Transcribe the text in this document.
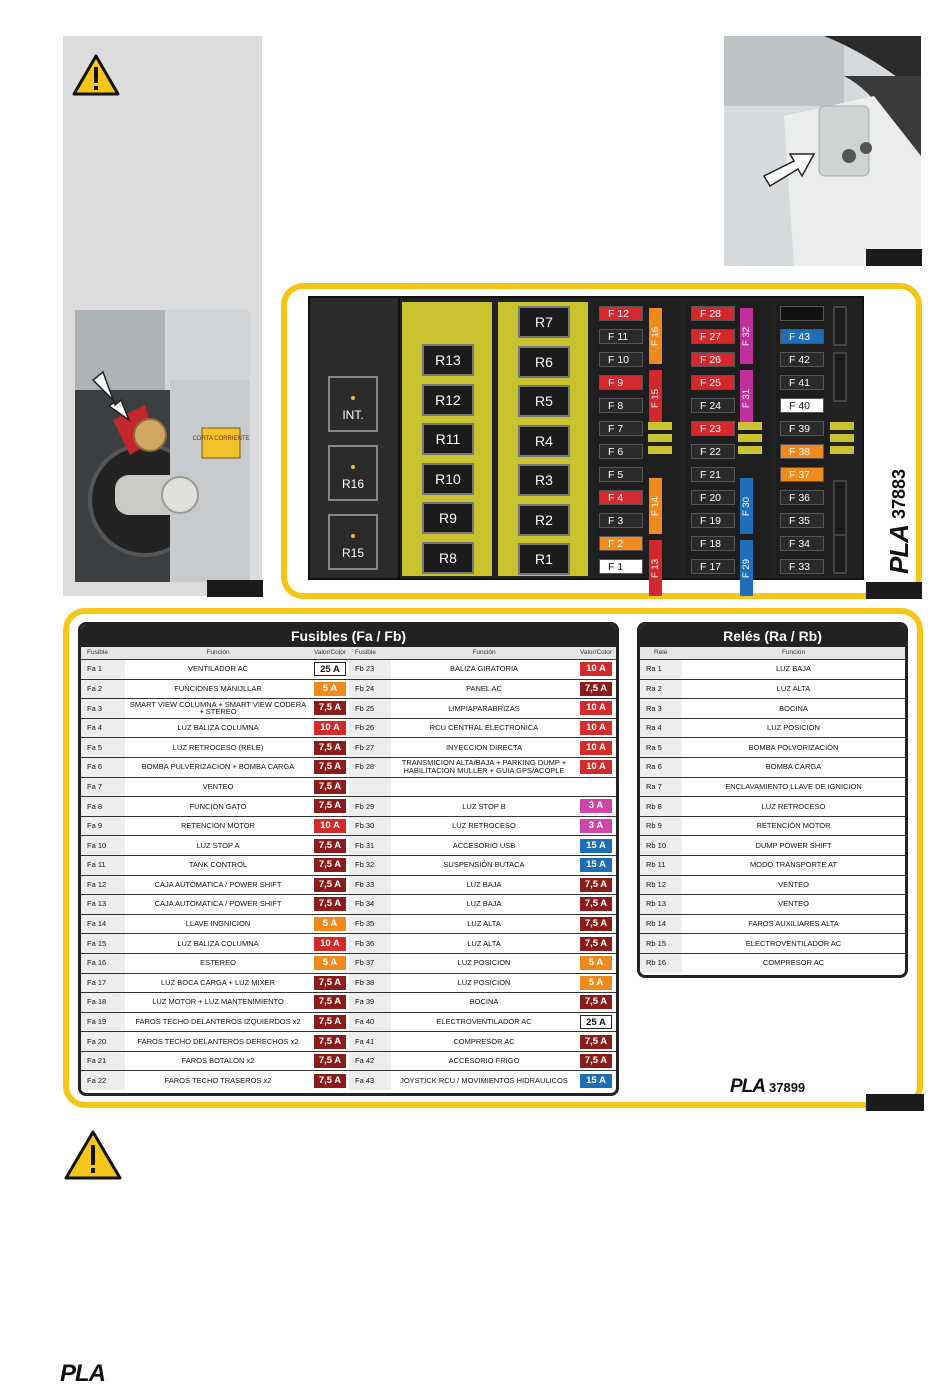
CORTA CORRIENTE
INT.
R16
R15
R13
R12
R11
R10
R9
R8
R7
R6
R5
R4
R3
R2
R1
F 12
F 11
F 10
F 9
F 8
F 7
F 6
F 5
F 4
F 3
F 2
F 1
F 28
F 27
F 26
F 25
F 24
F 23
F 22
F 21
F 20
F 19
F 18
F 17
F 43
F 42
F 41
F 40
F 39
F 38
F 37
F 36
F 35
F 34
F 33
F 16
F 15
F 14
F 13
F 32
F 31
F 30
F 29	PLA
37883
Fusibles (Fa / Fb)
Fusible	Función	Valor/Color	Fusible	Función	Valor/Color
Fa 1	VENTILADOR AC	25 A	Fb 23	BALIZA GIRATORIA	10 A
Fa 2	FUNCIONES MANIJLLAR	5 A	Fb 24	PANEL AC	7,5 A
Fa 3	SMART VIEW COLUMNA + SMART VIEW CODERA + STEREO	7,5 A	Fb 25	LIMPIAPARABRIZAS	10 A
Fa 4	LUZ BALIZA COLUMNA	10 A	Fb 26	RCU CENTRAL ELECTRONICA	10 A
Fa 5	LUZ RETROCESO (RELE)	7,5 A	Fb 27	INYECCION DIRECTA	10 A
Fa 6	BOMBA PULVERIZACION + BOMBA CARGA	7,5 A	Fb 28	TRANSMICION ALTA/BAJA + PARKING DUMP + HABILITACION MULLER + GUIA GPS/ACOPLE	10 A
Fa 7	VENTEO	7,5 A
Fa 8	FUNCION GATO	7,5 A	Fb 29	LUZ STOP B	3 A
Fa 9	RETENCION MOTOR	10 A	Fb 30	LUZ RETROCESO	3 A
Fa 10	LUZ STOP A	7,5 A	Fb 31	ACCESORIO USB	15 A
Fa 11	TANK CONTROL	7,5 A	Fb 32	SUSPENSIÓN BUTACA	15 A
Fa 12	CAJA AUTOMATICA / POWER SHIFT	7,5 A	Fb 33	LUZ BAJA	7,5 A
Fa 13	CAJA AUTOMATICA / POWER SHIFT	7,5 A	Fb 34	LUZ BAJA	7,5 A
Fa 14	LLAVE INGNICION	5 A	Fb 35	LUZ ALTA	7,5 A
Fa 15	LUZ BALIZA COLUMNA	10 A	Fb 36	LUZ ALTA	7,5 A
Fa 16	ESTEREO	5 A	Fb 37	LUZ POSICION	5 A
Fa 17	LUZ BOCA CARGA + LUZ MIXER	7,5 A	Fb 38	LUZ POSICION	5 A
Fa 18	LUZ MOTOR + LUZ MANTENIMIENTO	7,5 A	Fa 39	BOCINA	7,5 A
Fa 19	FAROS TECHO DELANTEROS IZQUIERDOS x2	7,5 A	Fa 40	ELECTROVENTILADOR AC	25 A
Fa 20	FAROS TECHO DELANTEROS DERECHOS x2	7,5 A	Fa 41	COMPRESOR AC	7,5 A
Fa 21	FAROS BOTALON x2	7,5 A	Fa 42	ACCESORIO FRIGO	7,5 A
Fa 22	FAROS TECHO TRASEROS x2	7,5 A	Fa 43	JOYSTICK RCU / MOVIMIENTOS HIDRAULICOS	15 A
Relés (Ra / Rb)
Relé	Función
Ra 1	LUZ BAJA
Ra 2	LUZ ALTA
Ra 3	BOCINA
Ra 4	LUZ POSICION
Ra 5	BOMBA POLVORIZACIÓN
Ra 6	BOMBA CARGA
Ra 7	ENCLAVAMIENTO LLAVE DE IGNICION
Rb 8	LUZ RETROCESO
Rb 9	RETENCIÓN MOTOR
Rb 10	DUMP POWER SHIFT
Rb 11	MODO TRANSPORTE AT
Rb 12	VENTEO
Rb 13	VENTEO
Rb 14	FAROS AUXILIARES ALTA
Rb 15	ELECTROVENTILADOR AC
Rb 16	COMPRESOR AC
PLA 37899
PLA
